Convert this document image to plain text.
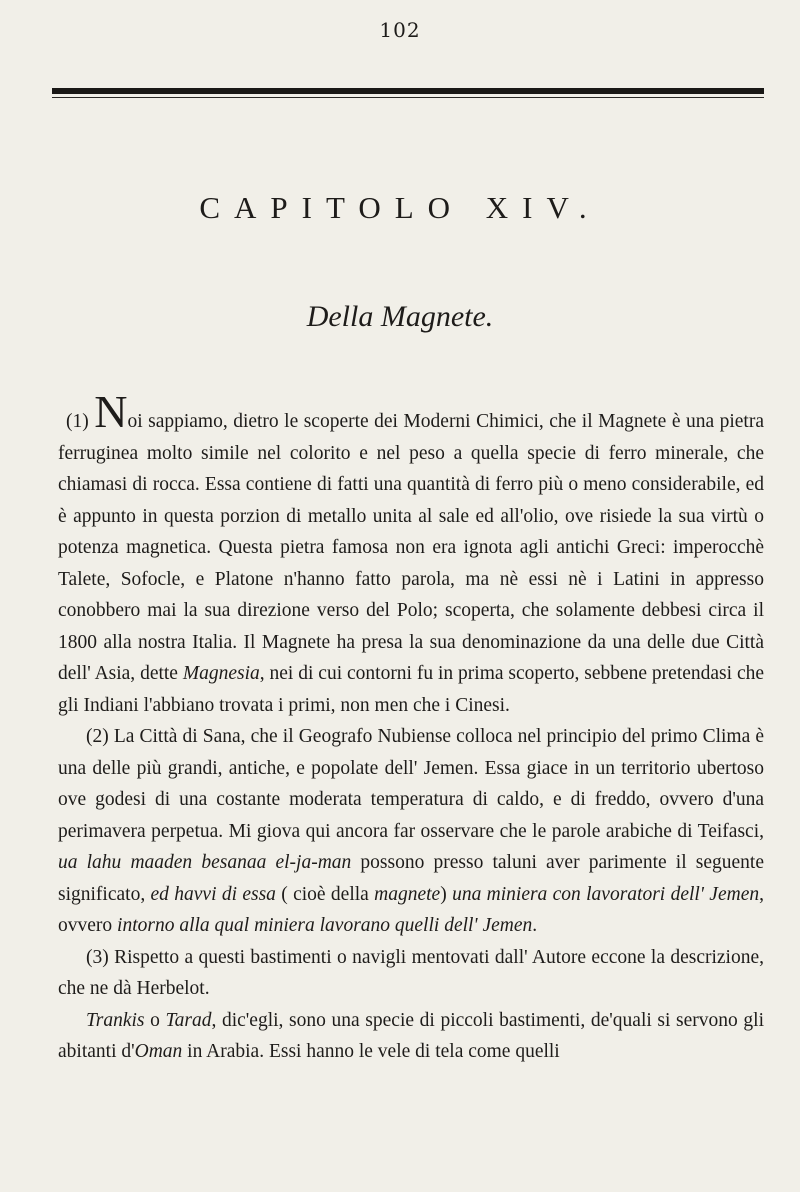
102
CAPITOLO XIV.
Della Magnete.

(1) Noi sappiamo, dietro le scoperte dei Moderni Chimici, che il Magnete è una pietra ferruginea molto simile nel colorito e nel peso a quella specie di ferro minerale, che chiamasi di rocca. Essa contiene di fatti una quantità di ferro più o meno considerabile, ed è appunto in questa porzion di metallo unita al sale ed all'olio, ove risiede la sua virtù o potenza magnetica. Questa pietra famosa non era ignota agli antichi Greci: imperocchè Talete, Sofocle, e Platone n'hanno fatto parola, ma nè essi nè i Latini in appresso conobbero mai la sua direzione verso del Polo; scoperta, che solamente debbesi circa il 1800 alla nostra Italia. Il Magnete ha presa la sua denominazione da una delle due Città dell' Asia, dette Magnesia, nei di cui contorni fu in prima scoperto, sebbene pretendasi che gli Indiani l'abbiano trovata i primi, non men che i Cinesi.

(2) La Città di Sana, che il Geografo Nubiense colloca nel principio del primo Clima è una delle più grandi, antiche, e popolate dell' Jemen. Essa giace in un territorio ubertoso ove godesi di una costante moderata temperatura di caldo, e di freddo, ovvero d'una perimavera perpetua. Mi giova qui ancora far osservare che le parole arabiche di Teifasci, ua lahu maaden besanaa el-ja-man possono presso taluni aver parimente il seguente significato, ed havvi di essa ( cioè della magnete) una miniera con lavoratori dell' Jemen, ovvero intorno alla qual miniera lavorano quelli dell' Jemen.

(3) Rispetto a questi bastimenti o navigli mentovati dall' Autore eccone la descrizione, che ne dà Herbelot.

Trankis o Tarad, dic'egli, sono una specie di piccoli bastimenti, de'quali si servono gli abitanti d'Oman in Arabia. Essi hanno le vele di tela come quelli
